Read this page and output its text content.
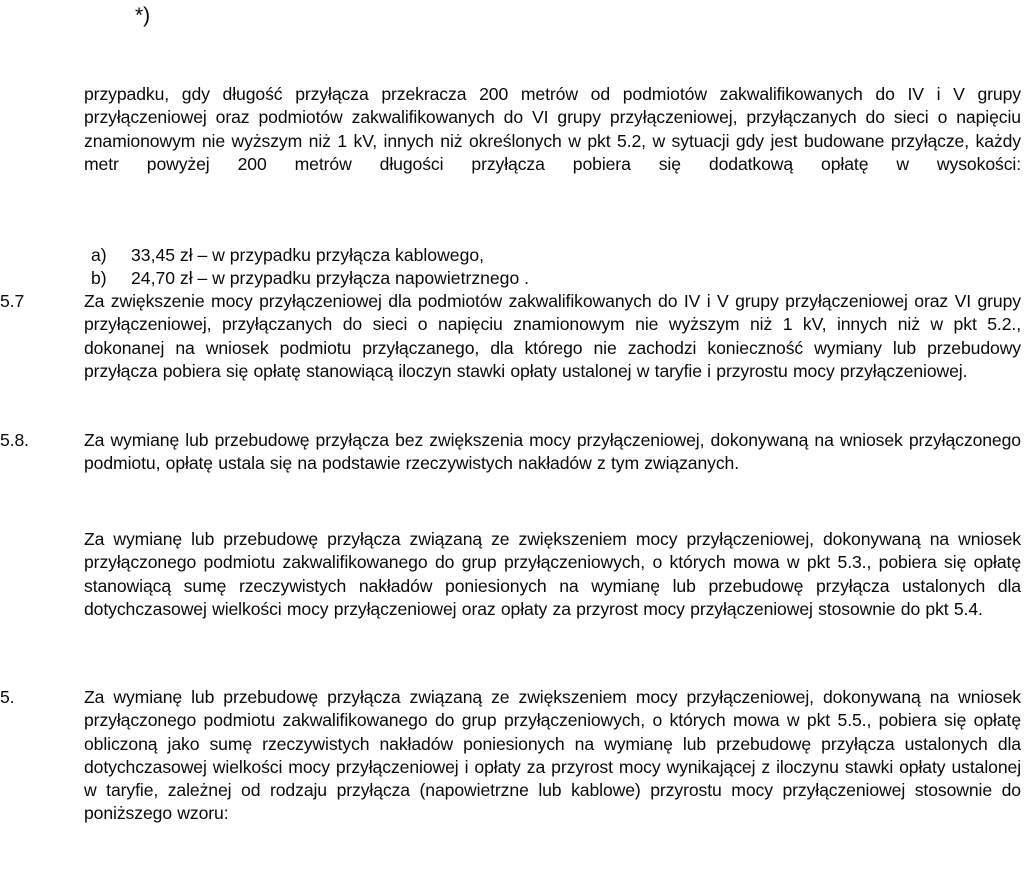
*)
przypadku, gdy długość przyłącza przekracza 200 metrów od podmiotów zakwalifikowanych do IV i V grupy przyłączeniowej oraz podmiotów zakwalifikowanych do VI grupy przyłączeniowej, przyłączanych do sieci o napięciu znamionowym nie wyższym niż 1 kV, innych niż określonych w pkt 5.2, w sytuacji gdy jest budowane przyłącze, każdy metr powyżej 200 metrów długości przyłącza pobiera się dodatkową opłatę w wysokości:
a)	33,45 zł – w przypadku przyłącza kablowego,
b)	24,70 zł – w przypadku przyłącza napowietrznego .
5.7	Za zwiększenie mocy przyłączeniowej dla podmiotów zakwalifikowanych do IV i V grupy przyłączeniowej oraz VI grupy przyłączeniowej, przyłączanych do sieci o napięciu znamionowym nie wyższym niż 1 kV, innych niż w pkt 5.2., dokonanej na wniosek podmiotu przyłączanego, dla którego nie zachodzi konieczność wymiany lub przebudowy przyłącza pobiera się opłatę stanowiącą iloczyn stawki opłaty ustalonej w taryfie i przyrostu mocy przyłączeniowej.
5.8.	Za wymianę lub przebudowę przyłącza bez zwiększenia mocy przyłączeniowej, dokonywaną na wniosek przyłączonego podmiotu, opłatę ustala się na podstawie rzeczywistych nakładów z tym związanych.
Za wymianę lub przebudowę przyłącza związaną ze zwiększeniem mocy przyłączeniowej, dokonywaną na wniosek przyłączonego podmiotu zakwalifikowanego do grup przyłączeniowych, o których mowa w pkt 5.3., pobiera się opłatę stanowiącą sumę rzeczywistych nakładów poniesionych na wymianę lub przebudowę przyłącza ustalonych dla dotychczasowej wielkości mocy przyłączeniowej oraz opłaty za przyrost mocy przyłączeniowej stosownie do pkt 5.4.
5.	Za wymianę lub przebudowę przyłącza związaną ze zwiększeniem mocy przyłączeniowej, dokonywaną na wniosek przyłączonego podmiotu zakwalifikowanego do grup przyłączeniowych, o których mowa w pkt 5.5., pobiera się opłatę obliczoną jako sumę rzeczywistych nakładów poniesionych na wymianę lub przebudowę przyłącza ustalonych dla dotychczasowej wielkości mocy przyłączeniowej i opłaty za przyrost mocy wynikającej z iloczynu stawki opłaty ustalonej w taryfie, zależnej od rodzaju przyłącza (napowietrzne lub kablowe) przyrostu mocy przyłączeniowej stosownie do poniższego wzoru:
